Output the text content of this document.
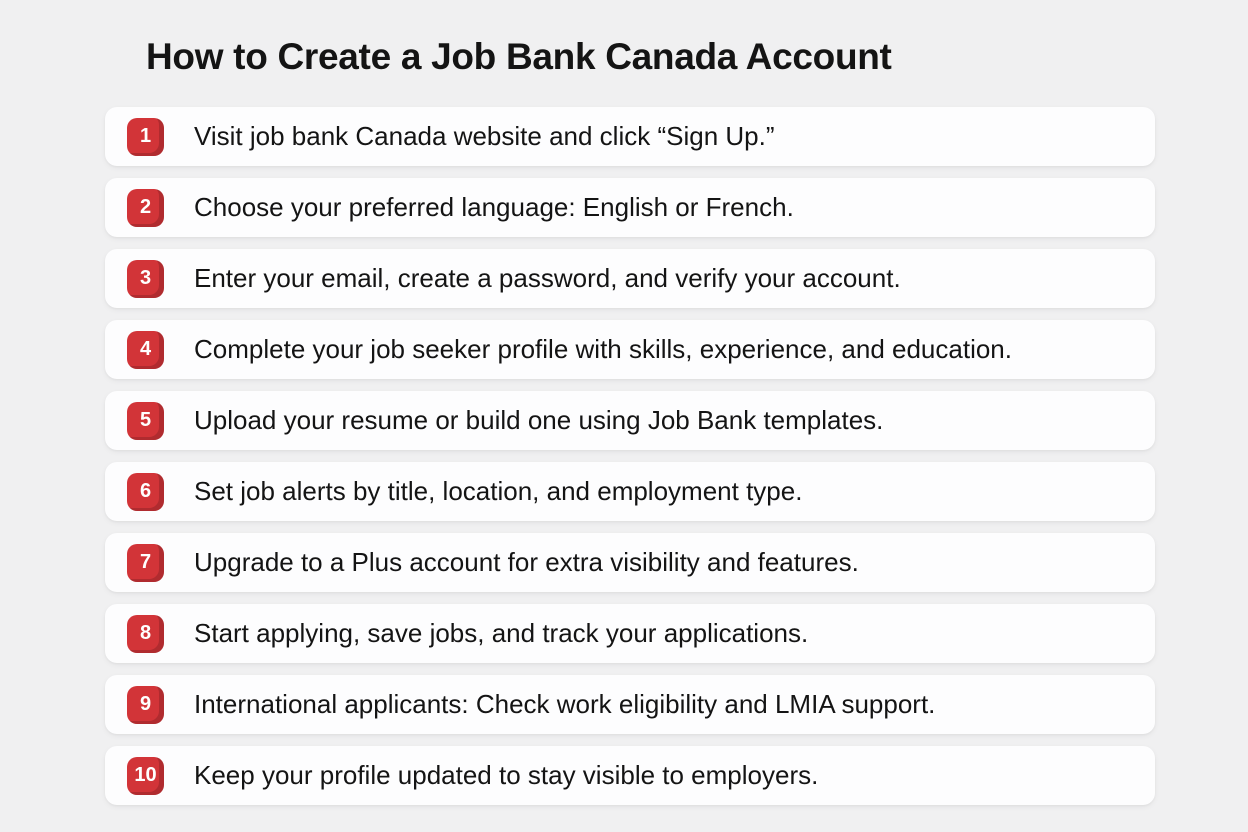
How to Create a Job Bank Canada Account
1	Visit job bank Canada website and click “Sign Up.”
2	Choose your preferred language: English or French.
3	Enter your email, create a password, and verify your account.
4	Complete your job seeker profile with skills, experience, and education.
5	Upload your resume or build one using Job Bank templates.
6	Set job alerts by title, location, and employment type.
7	Upgrade to a Plus account for extra visibility and features.
8	Start applying, save jobs, and track your applications.
9	International applicants: Check work eligibility and LMIA support.
10 Keep your profile updated to stay visible to employers.
